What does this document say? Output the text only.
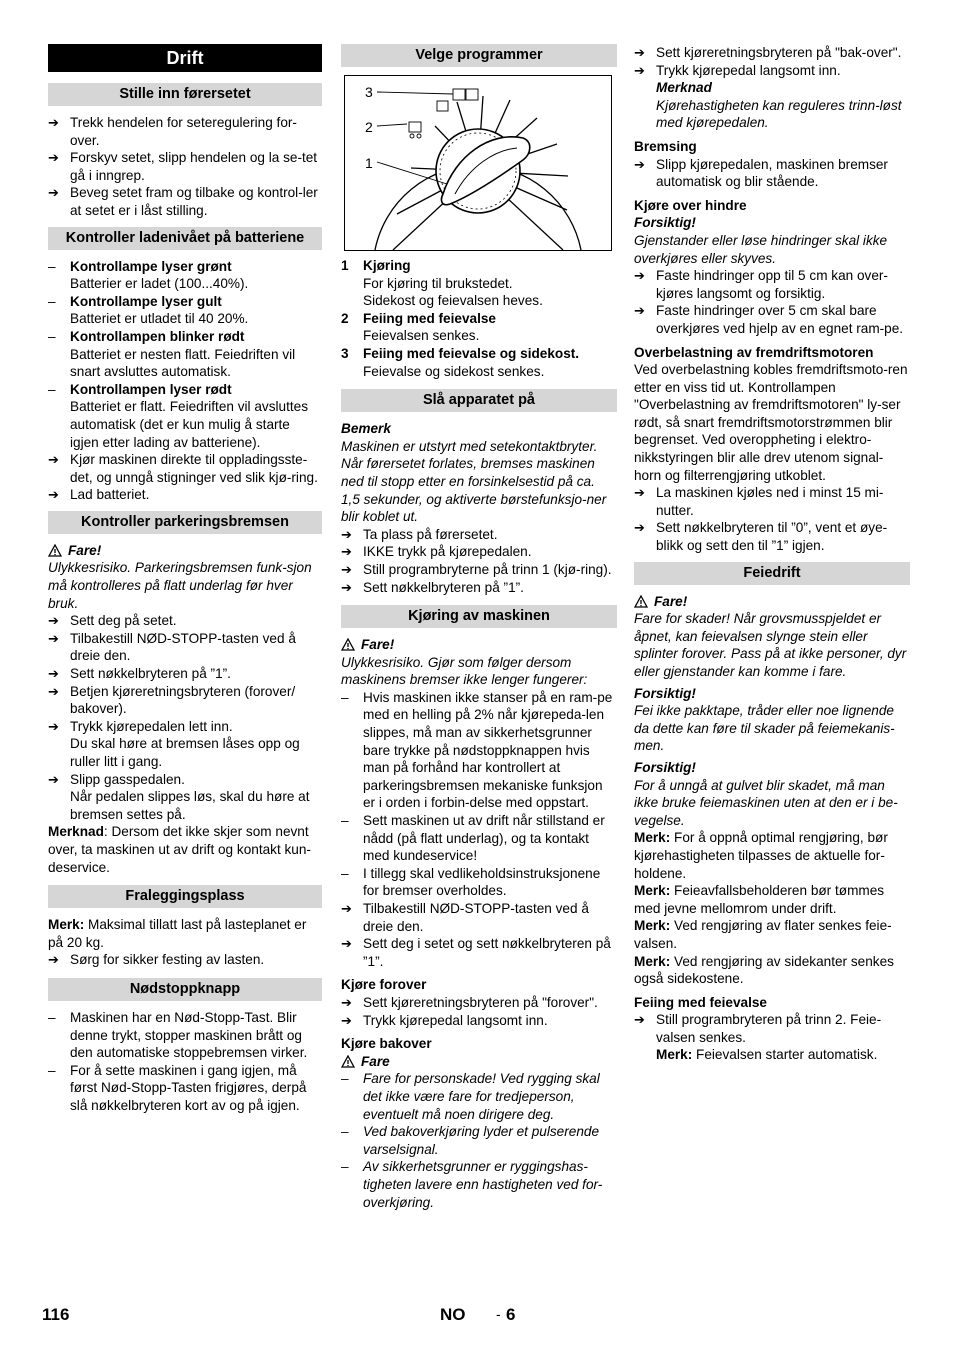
Drift
Stille inn førersetet
➔ Trekk hendelen for seteregulering for-over.
➔ Forskyv setet, slipp hendelen og la se-tet gå i inngrep.
➔ Beveg setet fram og tilbake og kontrol-ler at setet er i låst stilling.
Kontroller ladenivået på batteriene
–	Kontrollampe lyser grønt
Batterier er ladet (100...40%).
–	Kontrollampe lyser gult
Batteriet er utladet til 40 20%.
–	Kontrollampen blinker rødt
Batteriet er nesten flatt. Feiedriften vil snart avsluttes automatisk.
–	Kontrollampen lyser rødt
Batteriet er flatt. Feiedriften vil avsluttes automatisk (det er kun mulig å starte igjen etter lading av batteriene).
➔ Kjør maskinen direkte til oppladingsste-det, og unngå stigninger ved slik kjø-ring.
➔ Lad batteriet.
Kontroller parkeringsbremsen
Fare!
Ulykkesrisiko. Parkeringsbremsen funk-sjon må kontrolleres på flatt underlag før hver bruk.
➔ Sett deg på setet.
➔ Tilbakestill NØD-STOPP-tasten ved å dreie den.
➔ Sett nøkkelbryteren på ”1”.
➔ Betjen kjøreretningsbryteren (forover/ bakover).
➔ Trykk kjørepedalen lett inn.
Du skal høre at bremsen låses opp og ruller litt i gang.
➔ Slipp gasspedalen.
Når pedalen slippes løs, skal du høre at bremsen settes på.
Merknad: Dersom det ikke skjer som nevnt over, ta maskinen ut av drift og kontakt kun-deservice.
Fraleggingsplass
Merk: Maksimal tillatt last på lasteplanet er på 20 kg.
➔ Sørg for sikker festing av lasten.
Nødstoppknapp
–	Maskinen har en Nød-Stopp-Tast. Blir denne trykt, stopper maskinen brått og den automatiske stoppebremsen virker.
–	For å sette maskinen i gang igjen, må først Nød-Stopp-Tasten frigjøres, derpå slå nøkkelbryteren kort av og på igjen.
Velge programmer
3
2
1
1	Kjøring
For kjøring til brukstedet.
Sidekost og feievalsen heves.
2	Feiing med feievalse
Feievalsen senkes.
3	Feiing med feievalse og sidekost.
Feievalse og sidekost senkes.
Slå apparatet på
Bemerk
Maskinen er utstyrt med setekontaktbryter. Når førersetet forlates, bremses maskinen ned til stopp etter en forsinkelsestid på ca. 1,5 sekunder, og aktiverte børstefunksjo-ner blir koblet ut.
➔ Ta plass på førersetet.
➔ IKKE trykk på kjørepedalen.
➔ Still programbryterne på trinn 1 (kjø-ring).
➔ Sett nøkkelbryteren på ”1”.
Kjøring av maskinen
Fare!
Ulykkesrisiko. Gjør som følger dersom maskinens bremser ikke lenger fungerer:
–	Hvis maskinen ikke stanser på en ram-pe med en helling på 2% når kjørepeda-len slippes, må man av sikkerhetsgrunner bare trykke på nødstoppknappen hvis man på forhånd har kontrollert at parkeringsbremsen mekaniske funksjon er i orden i forbin-delse med oppstart.
–	Sett maskinen ut av drift når stillstand er nådd (på flatt underlag), og ta kontakt med kundeservice!
–	I tillegg skal vedlikeholdsinstruksjonene for bremser overholdes.
➔ Tilbakestill NØD-STOPP-tasten ved å dreie den.
➔ Sett deg i setet og sett nøkkelbryteren på ”1”.
Kjøre forover
➔ Sett kjøreretningsbryteren på "forover".
➔ Trykk kjørepedal langsomt inn.
Kjøre bakover
Fare
–	Fare for personskade! Ved rygging skal det ikke være fare for tredjeperson, eventuelt må noen dirigere deg.
–	Ved bakoverkjøring lyder et pulserende varselsignal.
–	Av sikkerhetsgrunner er ryggingshas-tigheten lavere enn hastigheten ved for-overkjøring.
➔ Sett kjøreretningsbryteren på "bak-over".
➔ Trykk kjørepedal langsomt inn.
Merknad
Kjørehastigheten kan reguleres trinn-løst med kjørepedalen.
Bremsing
➔ Slipp kjørepedalen, maskinen bremser automatisk og blir stående.
Kjøre over hindre
Forsiktig!
Gjenstander eller løse hindringer skal ikke overkjøres eller skyves.
➔ Faste hindringer opp til 5 cm kan over-kjøres langsomt og forsiktig.
➔ Faste hindringer over 5 cm skal bare overkjøres ved hjelp av en egnet ram-pe.
Overbelastning av fremdriftsmotoren
Ved overbelastning kobles fremdriftsmoto-ren etter en viss tid ut. Kontrollampen "Overbelastning av fremdriftsmotoren" ly-ser rødt, så snart fremdriftsmotorstrømmen blir begrenset. Ved overoppheting i elektro-nikkstyringen blir alle drev utenom signal-horn og filterrengjøring utkoblet.
➔ La maskinen kjøles ned i minst 15 mi-nutter.
➔ Sett nøkkelbryteren til ”0”, vent et øye-blikk og sett den til ”1” igjen.
Feiedrift
Fare!
Fare for skader! Når grovsmusspjeldet er åpnet, kan feievalsen slynge stein eller splinter forover. Pass på at ikke personer, dyr eller gjenstander kan komme i fare.
Forsiktig!
Fei ikke pakktape, tråder eller noe lignende da dette kan føre til skader på feiemekanis-men.
Forsiktig!
For å unngå at gulvet blir skadet, må man ikke bruke feiemaskinen uten at den er i be-vegelse.
Merk: For å oppnå optimal rengjøring, bør kjørehastigheten tilpasses de aktuelle for-holdene.
Merk: Feieavfallsbeholderen bør tømmes med jevne mellomrom under drift.
Merk: Ved rengjøring av flater senkes feie-valsen.
Merk: Ved rengjøring av sidekanter senkes også sidekostene.
Feiing med feievalse
➔ Still programbryteren på trinn 2. Feie-valsen senkes.
Merk: Feievalsen starter automatisk.
116	NO - 6
